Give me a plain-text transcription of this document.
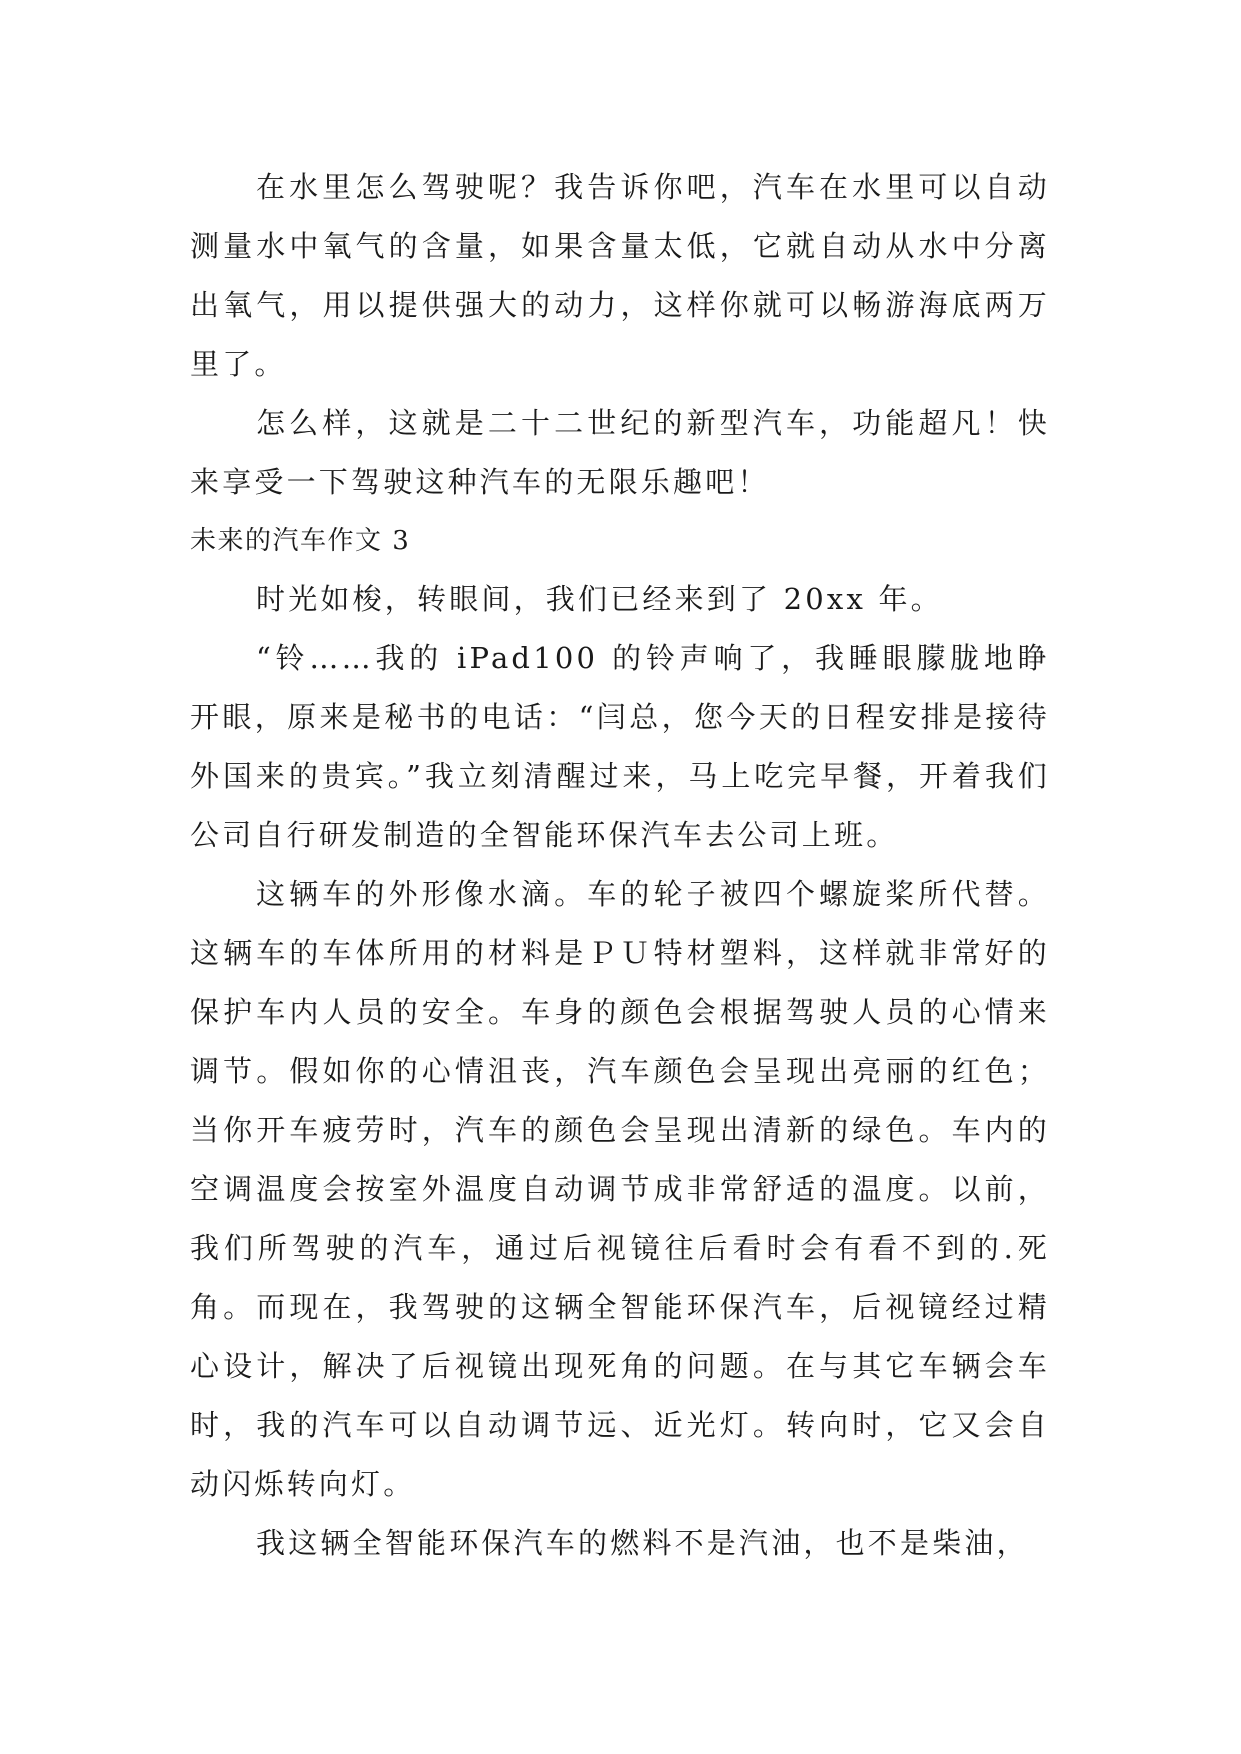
在水里怎么驾驶呢？我告诉你吧，汽车在水里可以自动测量水中氧气的含量，如果含量太低，它就自动从水中分离出氧气，用以提供强大的动力，这样你就可以畅游海底两万里了。

怎么样，这就是二十二世纪的新型汽车，功能超凡！快来享受一下驾驶这种汽车的无限乐趣吧！

未来的汽车作文 3

时光如梭，转眼间，我们已经来到了 20xx 年。

“铃……我的 iPad100 的铃声响了，我睡眼朦胧地睁开眼，原来是秘书的电话：“闫总，您今天的日程安排是接待外国来的贵宾。”我立刻清醒过来，马上吃完早餐，开着我们公司自行研发制造的全智能环保汽车去公司上班。

这辆车的外形像水滴。车的轮子被四个螺旋桨所代替。这辆车的车体所用的材料是ＰＵ特材塑料，这样就非常好的保护车内人员的安全。车身的颜色会根据驾驶人员的心情来调节。假如你的心情沮丧，汽车颜色会呈现出亮丽的红色；当你开车疲劳时，汽车的颜色会呈现出清新的绿色。车内的空调温度会按室外温度自动调节成非常舒适的温度。以前，我们所驾驶的汽车，通过后视镜往后看时会有看不到的.死角。而现在，我驾驶的这辆全智能环保汽车，后视镜经过精心设计，解决了后视镜出现死角的问题。在与其它车辆会车时，我的汽车可以自动调节远、近光灯。转向时，它又会自动闪烁转向灯。

我这辆全智能环保汽车的燃料不是汽油，也不是柴油，
